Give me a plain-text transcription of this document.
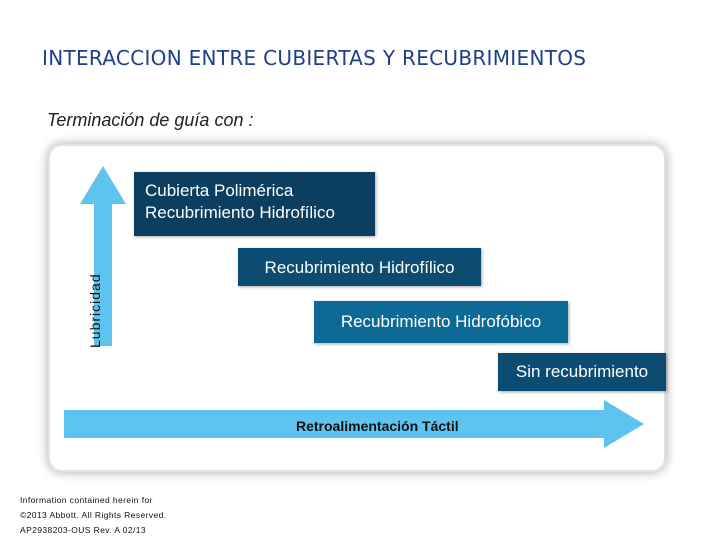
INTERACCION ENTRE CUBIERTAS Y RECUBRIMIENTOS
Terminación de guía con :
Lubricidad
Cubierta Polimérica
Recubrimiento Hidrofílico
Recubrimiento Hidrofílico
Recubrimiento Hidrofóbico
Sin recubrimiento
Retroalimentación Táctil
Information contained herein for
©2013 Abbott. All Rights Reserved.
AP2938203-OUS Rev. A 02/13
